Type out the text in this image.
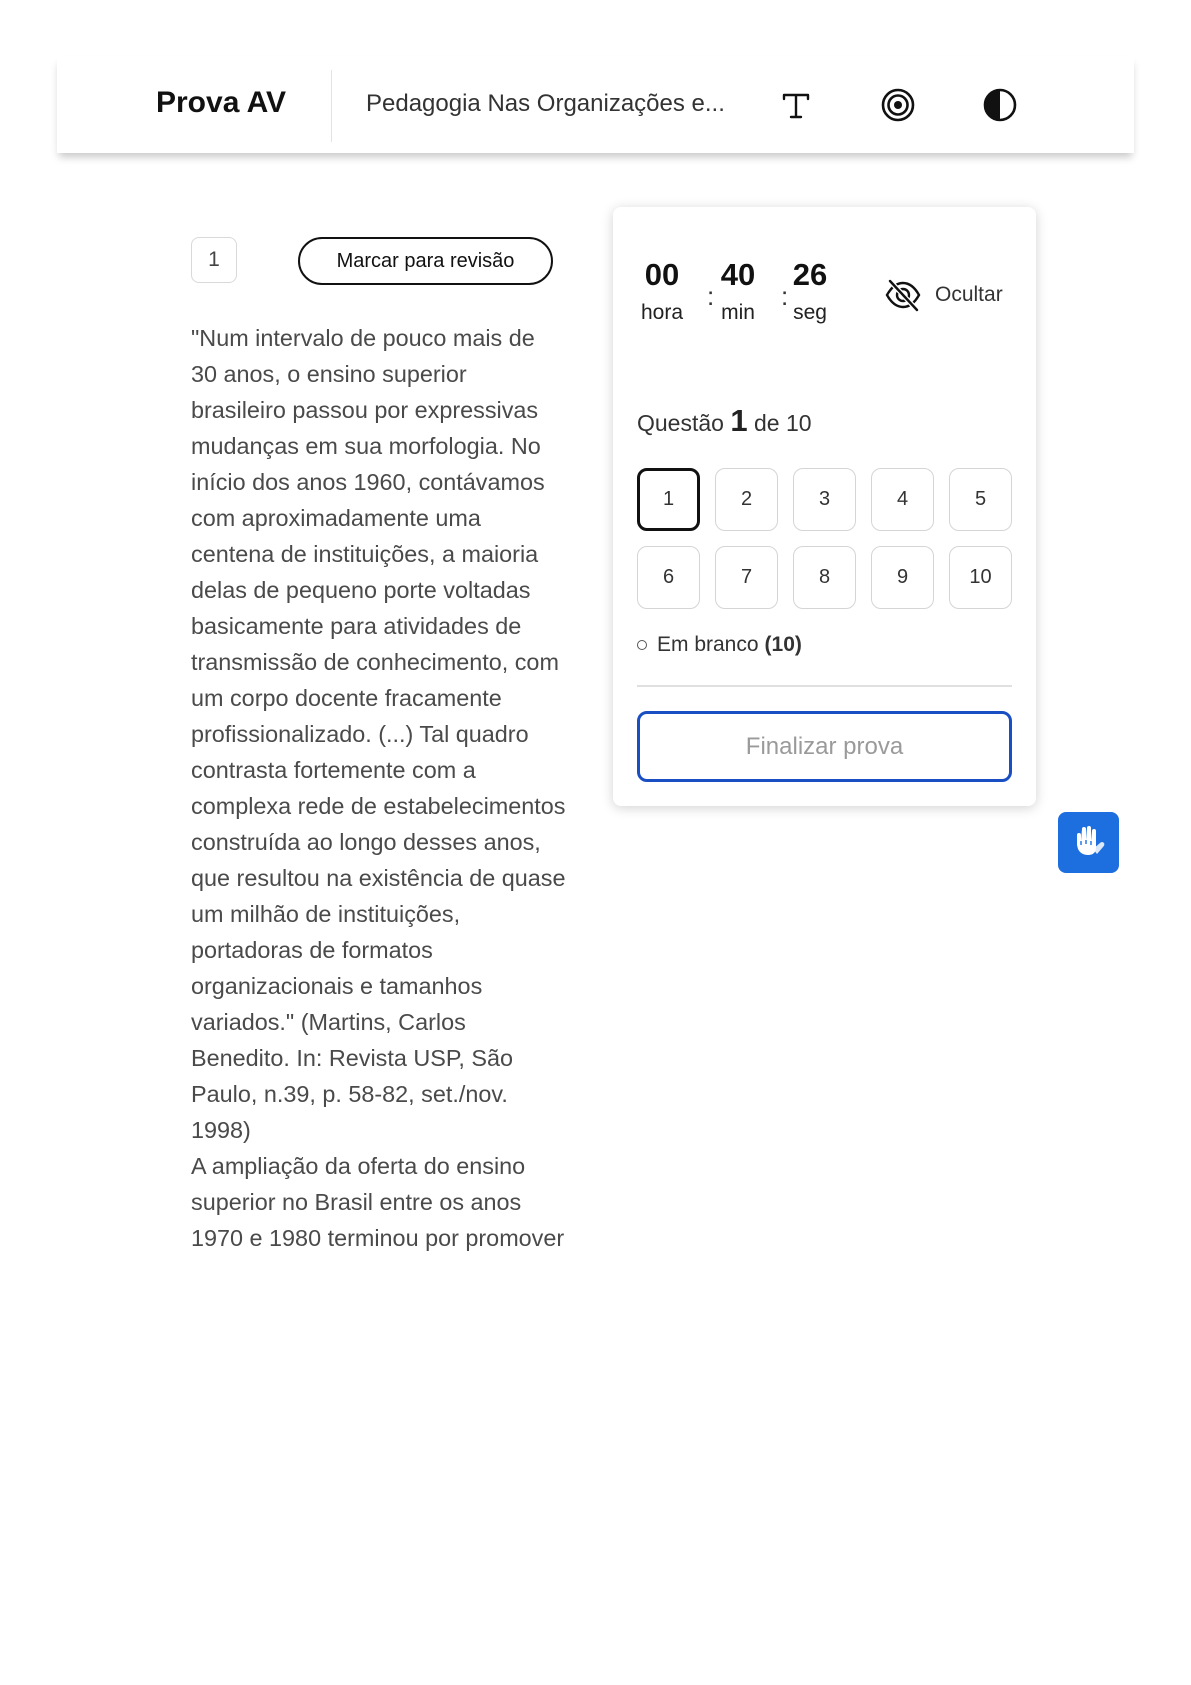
Prova AV	Pedagogia Nas Organizações e...
1	Marcar para revisão

"Num intervalo de pouco mais de 30 anos, o ensino superior brasileiro passou por expressivas mudanças em sua morfologia. No início dos anos 1960, contávamos com aproximadamente uma centena de instituições, a maioria delas de pequeno porte voltadas basicamente para atividades de transmissão de conhecimento, com um corpo docente fracamente profissionalizado. (...) Tal quadro contrasta fortemente com a complexa rede de estabelecimentos construída ao longo desses anos, que resultou na existência de quase um milhão de instituições, portadoras de formatos organizacionais e tamanhos variados." (Martins, Carlos Benedito. In: Revista USP, São Paulo, n.39, p. 58-82, set./nov. 1998)

A ampliação da oferta do ensino superior no Brasil entre os anos 1970 e 1980 terminou por promover

00
hora
:
40
min
:
26
seg
Ocultar
Questão 1 de 10
1	2	3	4	5
6	7	8	9	10
Em branco (10)
Finalizar prova
